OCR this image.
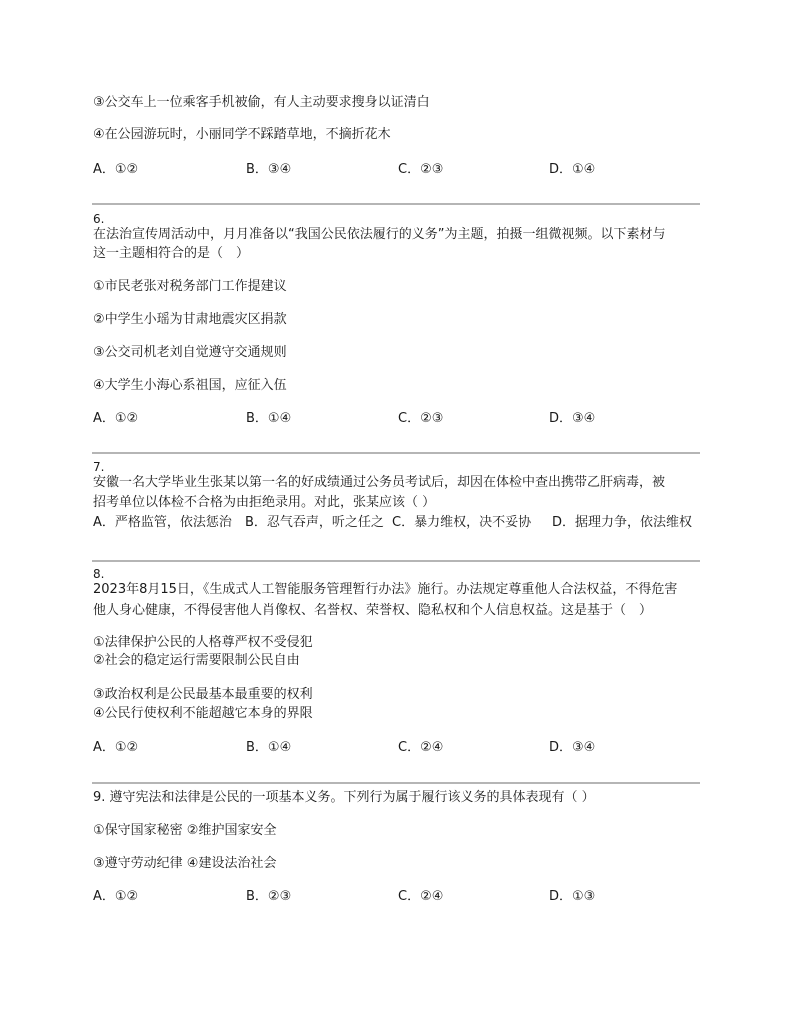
③公交车上一位乘客手机被偷，有人主动要求搜身以证清白
④在公园游玩时，小丽同学不踩踏草地，不摘折花木
A．①②	B．③④	C．②③	D．①④
6.
在法治宣传周活动中，月月准备以“我国公民依法履行的义务”为主题，拍摄一组微视频。以下素材与
这一主题相符合的是（　）
①市民老张对税务部门工作提建议
②中学生小瑶为甘肃地震灾区捐款
③公交司机老刘自觉遵守交通规则
④大学生小海心系祖国，应征入伍
A．①②	B．①④	C．②③	D．③④
7.
安徽一名大学毕业生张某以第一名的好成绩通过公务员考试后，却因在体检中查出携带乙肝病毒，被
招考单位以体检不合格为由拒绝录用。对此，张某应该（ ）
A．严格监管，依法惩治 B．忍气吞声，听之任之 C．暴力维权，决不妥协 D．据理力争，依法维权
8.
2023年8月15日，《生成式人工智能服务管理暂行办法》施行。办法规定尊重他人合法权益，不得危害
他人身心健康，不得侵害他人肖像权、名誉权、荣誉权、隐私权和个人信息权益。这是基于（　）
①法律保护公民的人格尊严权不受侵犯
②社会的稳定运行需要限制公民自由
③政治权利是公民最基本最重要的权利
④公民行使权利不能超越它本身的界限
A．①②	B．①④	C．②④	D．③④
9. 遵守宪法和法律是公民的一项基本义务。下列行为属于履行该义务的具体表现有（ ）
①保守国家秘密 ②维护国家安全
③遵守劳动纪律 ④建设法治社会
A．①②	B．②③	C．②④	D．①③
